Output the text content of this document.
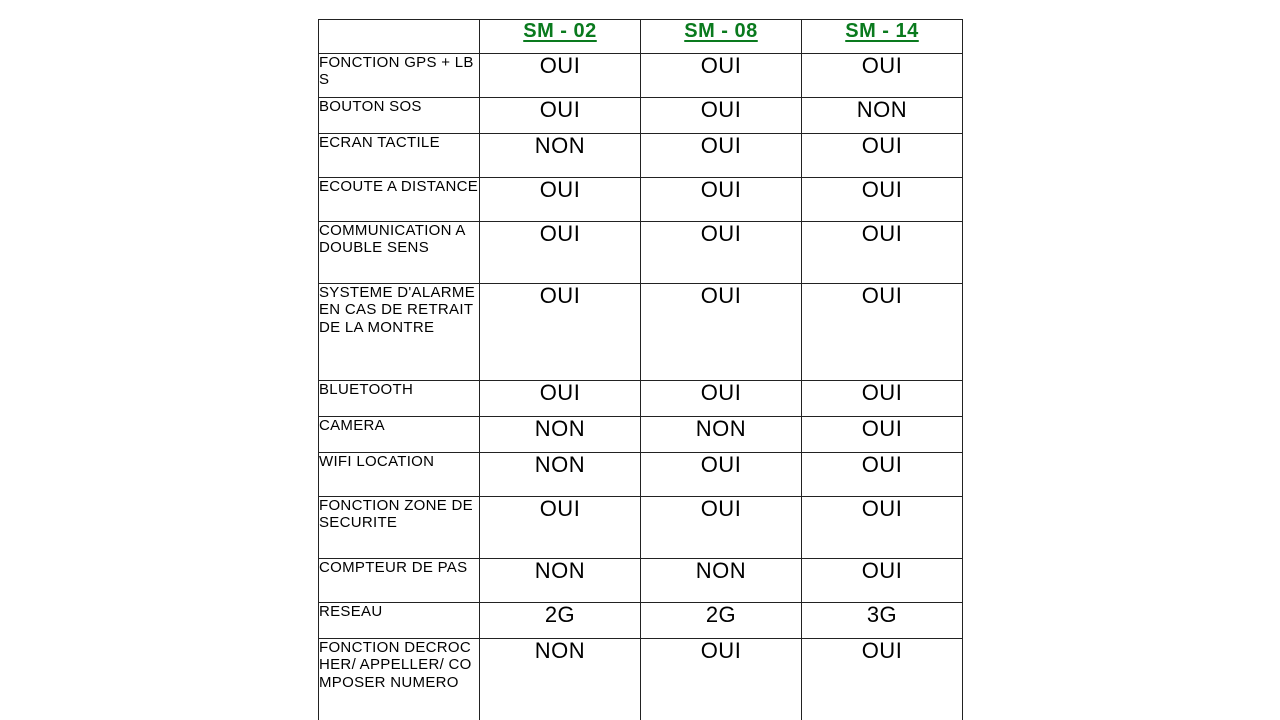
	SM - 02	SM - 08	SM - 14
FONCTION GPS + LBS	OUI	OUI	OUI
BOUTON SOS	OUI	OUI	NON
ECRAN TACTILE	NON	OUI	OUI
ECOUTE A DISTANCE	OUI	OUI	OUI
COMMUNICATION A DOUBLE SENS	OUI	OUI	OUI
SYSTEME D'ALARME EN CAS DE RETRAIT DE LA MONTRE	OUI	OUI	OUI
BLUETOOTH	OUI	OUI	OUI
CAMERA	NON	NON	OUI
WIFI LOCATION	NON	OUI	OUI
FONCTION ZONE DE SECURITE	OUI	OUI	OUI
COMPTEUR DE PAS	NON	NON	OUI
RESEAU	2G	2G	3G
FONCTION DECROCHER/ APPELLER/ COMPOSER NUMERO	NON	OUI	OUI
